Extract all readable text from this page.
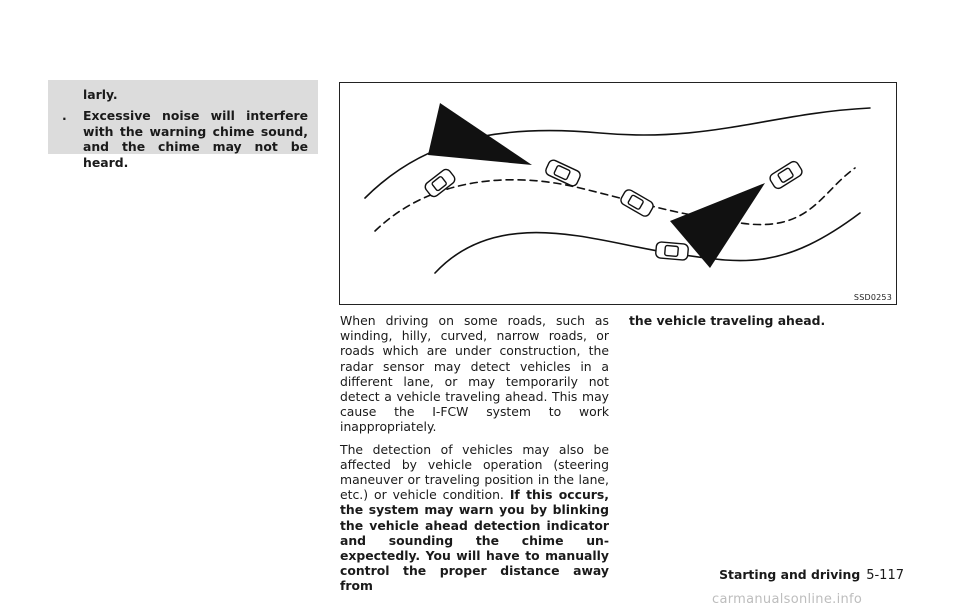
larly.
.	Excessive noise will interfere with the warning chime sound, and the chime may not be heard.
SSD0253

When driving on some roads, such as winding, hilly, curved, narrow roads, or roads which are under construction, the radar sensor may detect vehicles in a different lane, or may temporarily not detect a vehicle traveling ahead. This may cause the I-FCW system to work inappropriately.

The detection of vehicles may also be affected by vehicle operation (steering maneuver or traveling position in the lane, etc.) or vehicle condition. If this occurs, the system may warn you by blinking the vehicle ahead detection indicator and sounding the chime un-expectedly. You will have to manually control the proper distance away from

the vehicle traveling ahead.

Starting and driving 5-117
carmanualsonline.info
